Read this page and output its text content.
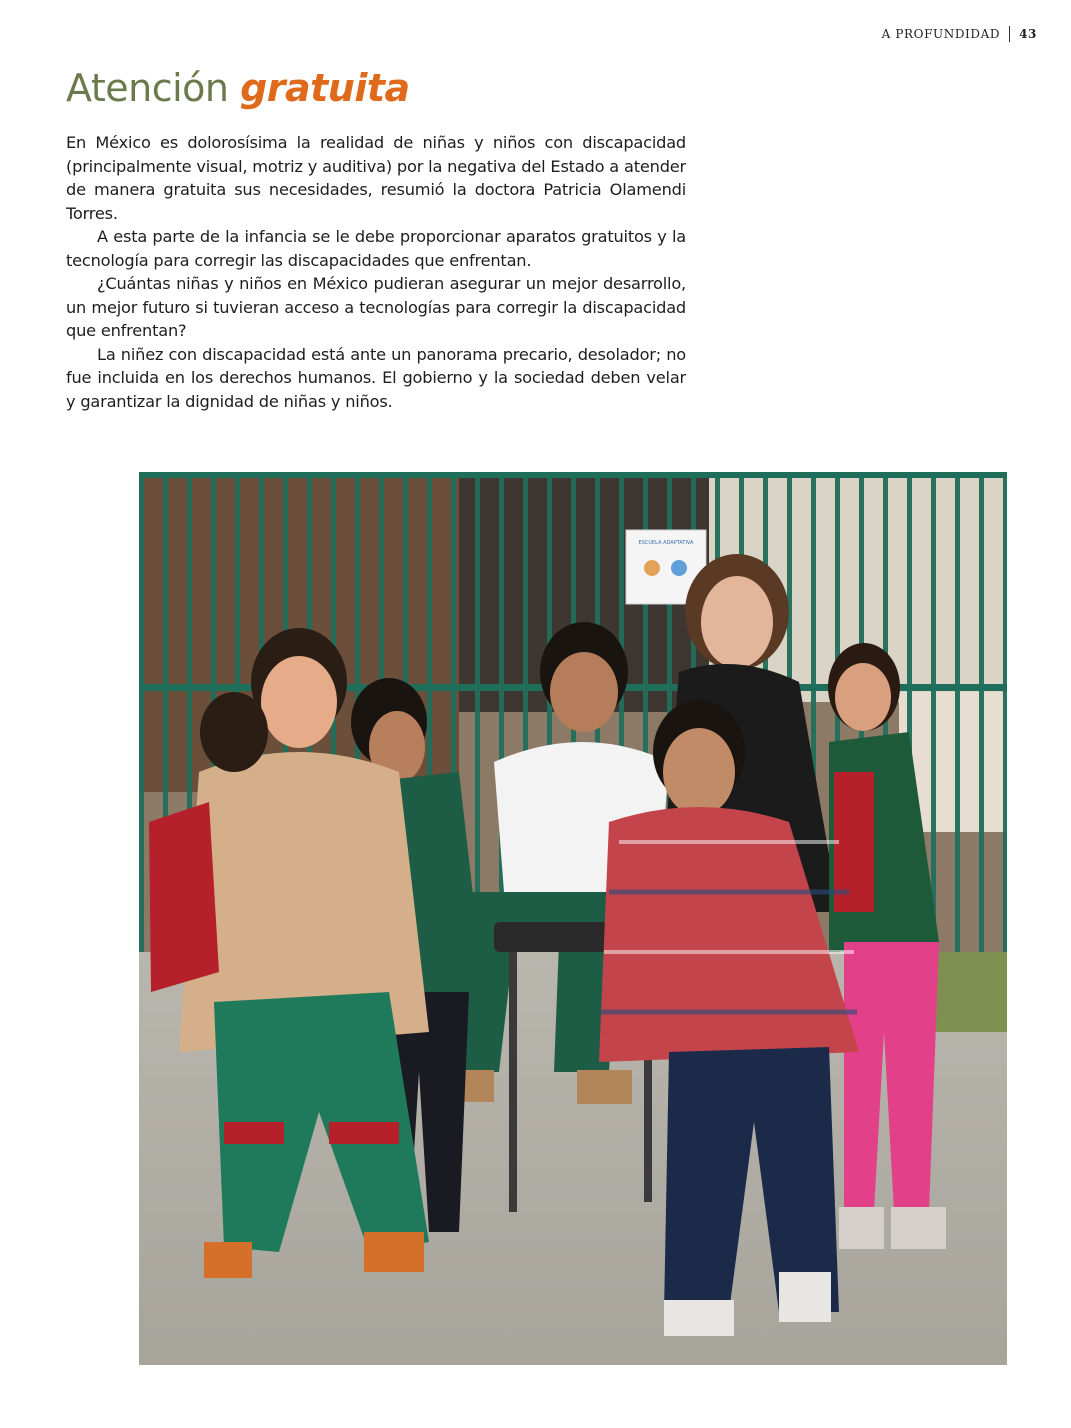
A PROFUNDIDAD 43
Atención gratuita

En México es dolorosísima la realidad de niñas y niños con discapacidad (principalmente visual, motriz y auditiva) por la negativa del Estado a atender de manera gratuita sus necesidades, resumió la doctora Patricia Olamendi Torres.

A esta parte de la infancia se le debe proporcionar aparatos gratuitos y la tecnología para corregir las discapacidades que enfrentan.

¿Cuántas niñas y niños en México pudieran asegurar un mejor desarrollo, un mejor futuro si tuvieran acceso a tecnologías para corregir la discapacidad que enfrentan?

La niñez con discapacidad está ante un panorama precario, desolador; no fue incluida en los derechos humanos. El gobierno y la sociedad deben velar y garantizar la dignidad de niñas y niños.

ESCUELA ADAPTATIVA
